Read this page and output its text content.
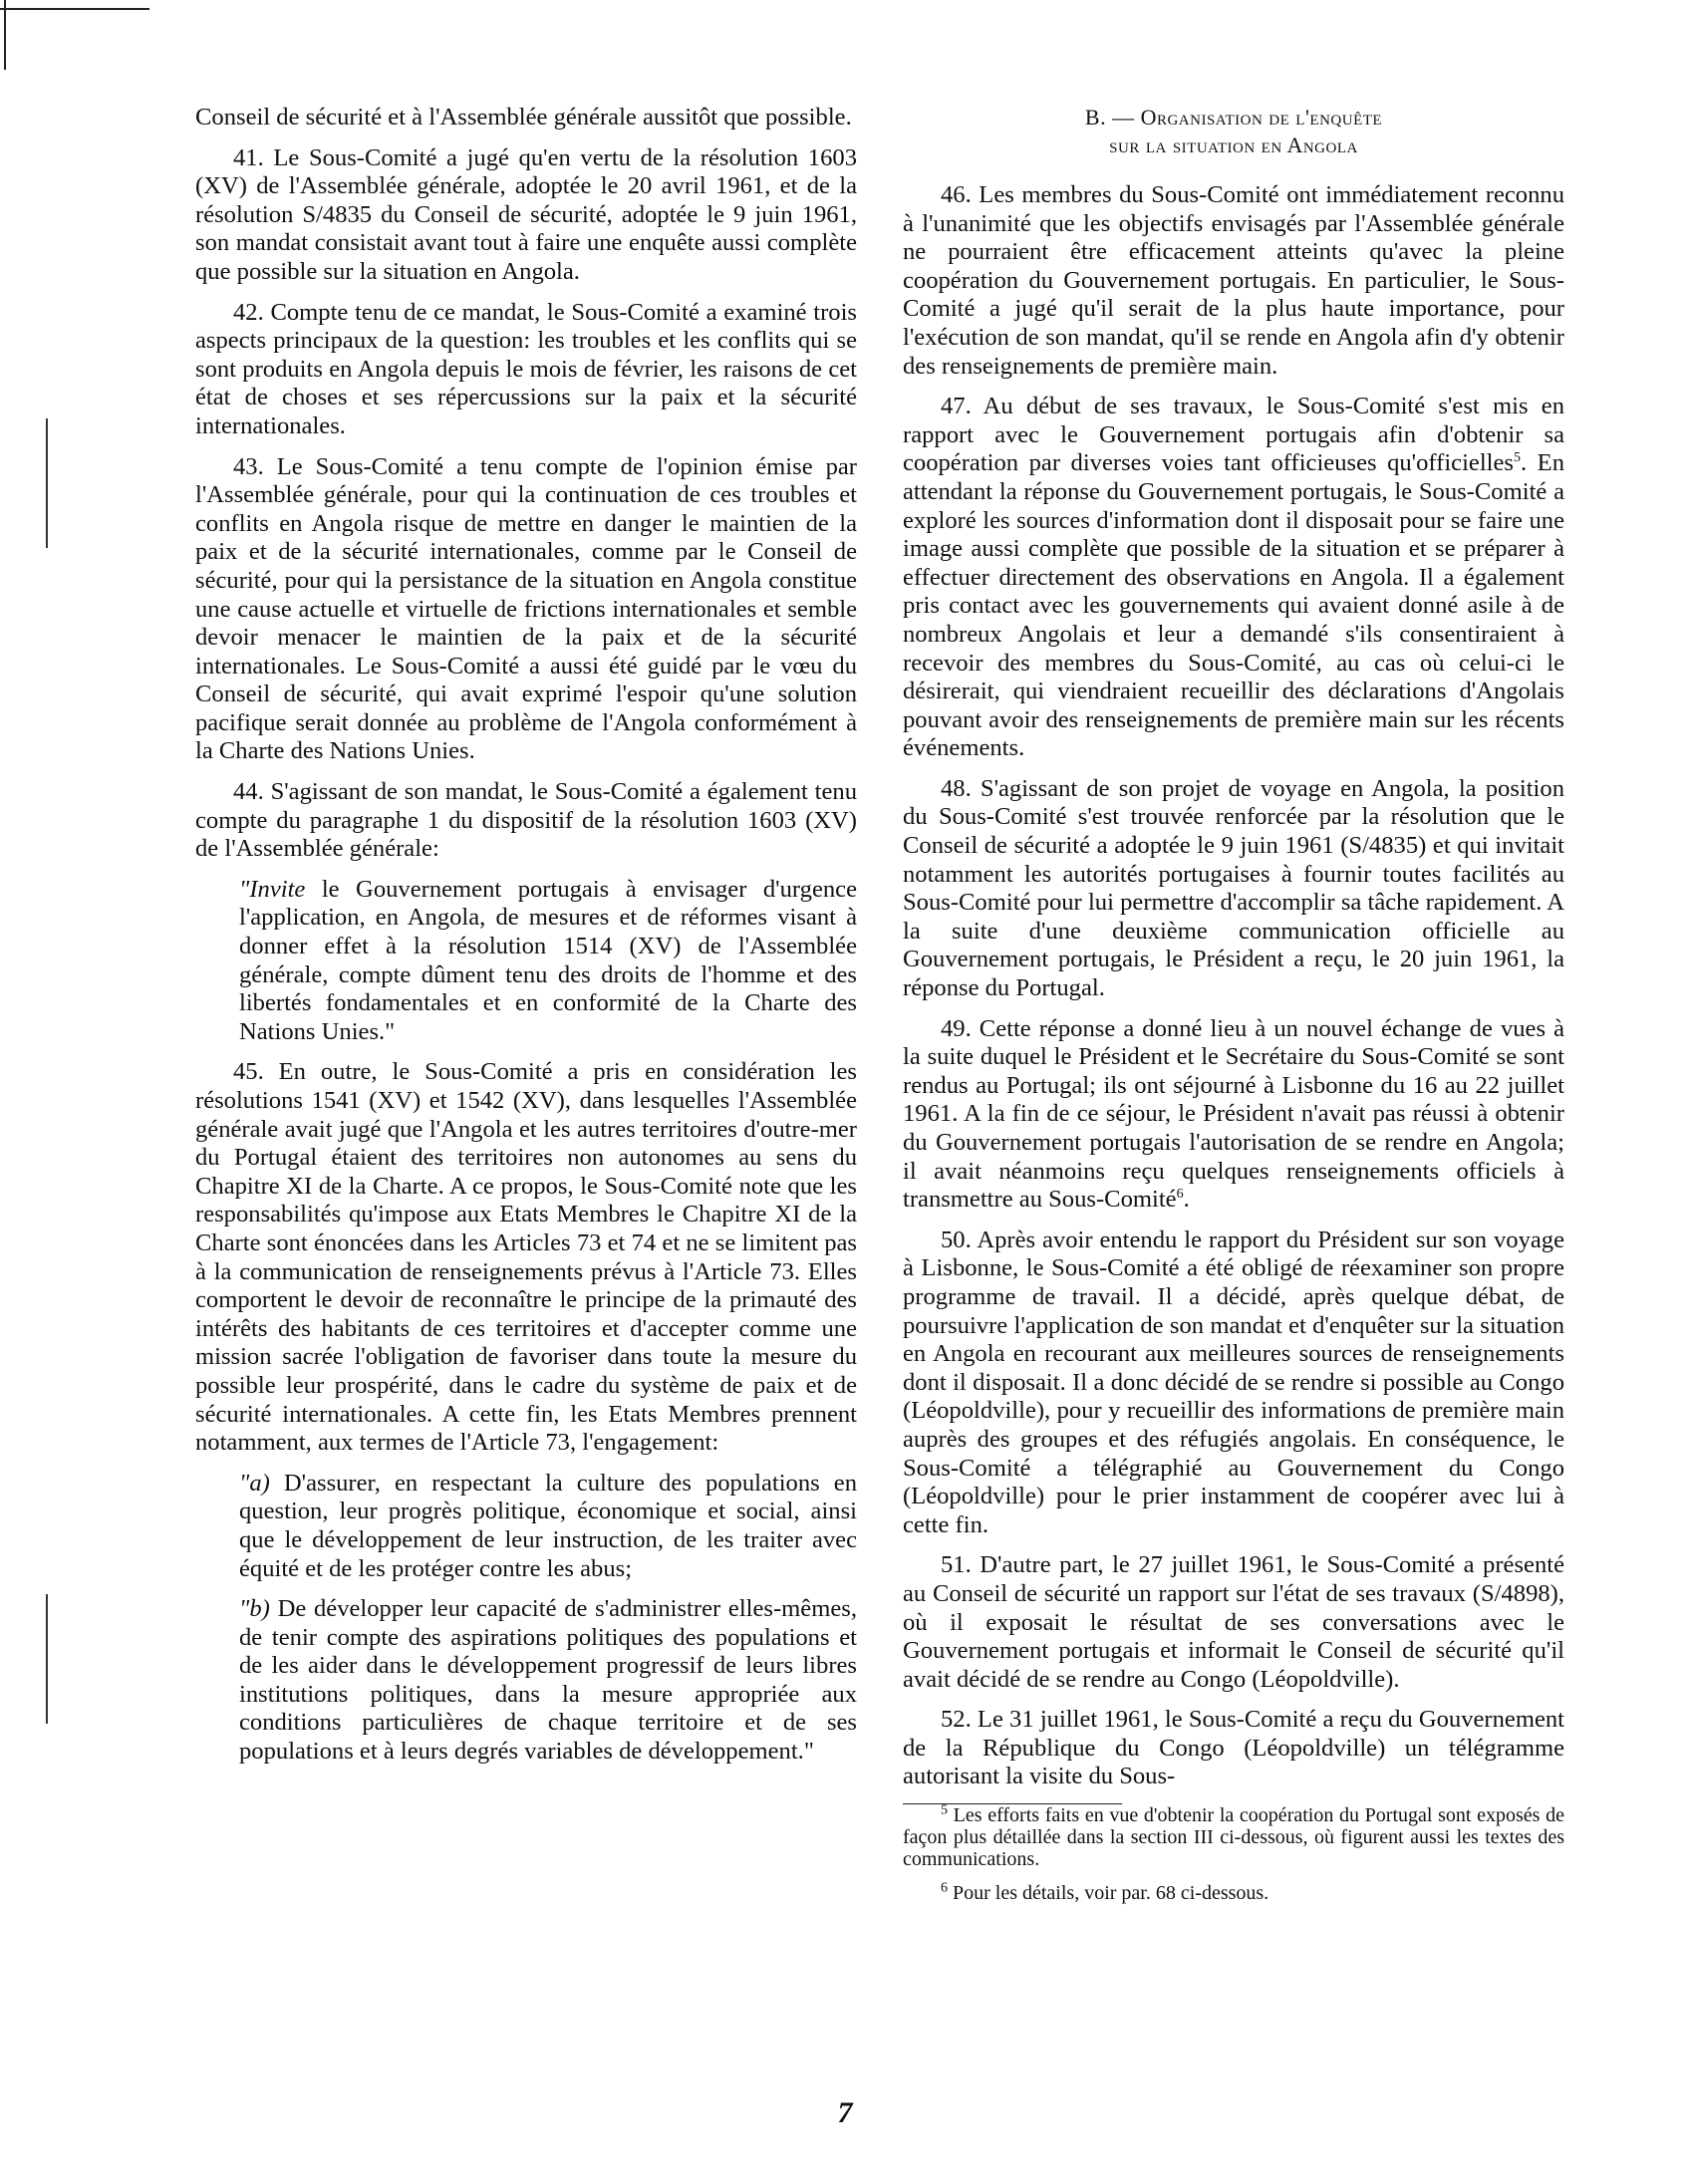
Conseil de sécurité et à l'Assemblée générale aussitôt que possible.

41. Le Sous-Comité a jugé qu'en vertu de la résolution 1603 (XV) de l'Assemblée générale, adoptée le 20 avril 1961, et de la résolution S/4835 du Conseil de sécurité, adoptée le 9 juin 1961, son mandat consistait avant tout à faire une enquête aussi complète que possible sur la situation en Angola.

42. Compte tenu de ce mandat, le Sous-Comité a examiné trois aspects principaux de la question: les troubles et les conflits qui se sont produits en Angola depuis le mois de février, les raisons de cet état de choses et ses répercussions sur la paix et la sécurité internationales.

43. Le Sous-Comité a tenu compte de l'opinion émise par l'Assemblée générale, pour qui la continuation de ces troubles et conflits en Angola risque de mettre en danger le maintien de la paix et de la sécurité internationales, comme par le Conseil de sécurité, pour qui la persistance de la situation en Angola constitue une cause actuelle et virtuelle de frictions internationales et semble devoir menacer le maintien de la paix et de la sécurité internationales. Le Sous-Comité a aussi été guidé par le vœu du Conseil de sécurité, qui avait exprimé l'espoir qu'une solution pacifique serait donnée au problème de l'Angola conformément à la Charte des Nations Unies.

44. S'agissant de son mandat, le Sous-Comité a également tenu compte du paragraphe 1 du dispositif de la résolution 1603 (XV) de l'Assemblée générale:

"Invite le Gouvernement portugais à envisager d'urgence l'application, en Angola, de mesures et de réformes visant à donner effet à la résolution 1514 (XV) de l'Assemblée générale, compte dûment tenu des droits de l'homme et des libertés fondamentales et en conformité de la Charte des Nations Unies."

45. En outre, le Sous-Comité a pris en considération les résolutions 1541 (XV) et 1542 (XV), dans lesquelles l'Assemblée générale avait jugé que l'Angola et les autres territoires d'outre-mer du Portugal étaient des territoires non autonomes au sens du Chapitre XI de la Charte. A ce propos, le Sous-Comité note que les responsabilités qu'impose aux Etats Membres le Chapitre XI de la Charte sont énoncées dans les Articles 73 et 74 et ne se limitent pas à la communication de renseignements prévus à l'Article 73. Elles comportent le devoir de reconnaître le principe de la primauté des intérêts des habitants de ces territoires et d'accepter comme une mission sacrée l'obligation de favoriser dans toute la mesure du possible leur prospérité, dans le cadre du système de paix et de sécurité internationales. A cette fin, les Etats Membres prennent notamment, aux termes de l'Article 73, l'engagement:

"a) D'assurer, en respectant la culture des populations en question, leur progrès politique, économique et social, ainsi que le développement de leur instruction, de les traiter avec équité et de les protéger contre les abus;

"b) De développer leur capacité de s'administrer elles-mêmes, de tenir compte des aspirations politiques des populations et de les aider dans le développement progressif de leurs libres institutions politiques, dans la mesure appropriée aux conditions particulières de chaque territoire et de ses populations et à leurs degrés variables de développement."

B. — Organisation de l'enquête
sur la situation en Angola

46. Les membres du Sous-Comité ont immédiatement reconnu à l'unanimité que les objectifs envisagés par l'Assemblée générale ne pourraient être efficacement atteints qu'avec la pleine coopération du Gouvernement portugais. En particulier, le Sous-Comité a jugé qu'il serait de la plus haute importance, pour l'exécution de son mandat, qu'il se rende en Angola afin d'y obtenir des renseignements de première main.

47. Au début de ses travaux, le Sous-Comité s'est mis en rapport avec le Gouvernement portugais afin d'obtenir sa coopération par diverses voies tant officieuses qu'officielles$^5$. En attendant la réponse du Gouvernement portugais, le Sous-Comité a exploré les sources d'information dont il disposait pour se faire une image aussi complète que possible de la situation et se préparer à effectuer directement des observations en Angola. Il a également pris contact avec les gouvernements qui avaient donné asile à de nombreux Angolais et leur a demandé s'ils consentiraient à recevoir des membres du Sous-Comité, au cas où celui-ci le désirerait, qui viendraient recueillir des déclarations d'Angolais pouvant avoir des renseignements de première main sur les récents événements.

48. S'agissant de son projet de voyage en Angola, la position du Sous-Comité s'est trouvée renforcée par la résolution que le Conseil de sécurité a adoptée le 9 juin 1961 (S/4835) et qui invitait notamment les autorités portugaises à fournir toutes facilités au Sous-Comité pour lui permettre d'accomplir sa tâche rapidement. A la suite d'une deuxième communication officielle au Gouvernement portugais, le Président a reçu, le 20 juin 1961, la réponse du Portugal.

49. Cette réponse a donné lieu à un nouvel échange de vues à la suite duquel le Président et le Secrétaire du Sous-Comité se sont rendus au Portugal; ils ont séjourné à Lisbonne du 16 au 22 juillet 1961. A la fin de ce séjour, le Président n'avait pas réussi à obtenir du Gouvernement portugais l'autorisation de se rendre en Angola; il avait néanmoins reçu quelques renseignements officiels à transmettre au Sous-Comité$^6$.

50. Après avoir entendu le rapport du Président sur son voyage à Lisbonne, le Sous-Comité a été obligé de réexaminer son propre programme de travail. Il a décidé, après quelque débat, de poursuivre l'application de son mandat et d'enquêter sur la situation en Angola en recourant aux meilleures sources de renseignements dont il disposait. Il a donc décidé de se rendre si possible au Congo (Léopoldville), pour y recueillir des informations de première main auprès des groupes et des réfugiés angolais. En conséquence, le Sous-Comité a télégraphié au Gouvernement du Congo (Léopoldville) pour le prier instamment de coopérer avec lui à cette fin.

51. D'autre part, le 27 juillet 1961, le Sous-Comité a présenté au Conseil de sécurité un rapport sur l'état de ses travaux (S/4898), où il exposait le résultat de ses conversations avec le Gouvernement portugais et informait le Conseil de sécurité qu'il avait décidé de se rendre au Congo (Léopoldville).

52. Le 31 juillet 1961, le Sous-Comité a reçu du Gouvernement de la République du Congo (Léopoldville) un télégramme autorisant la visite du Sous-

$^5$ Les efforts faits en vue d'obtenir la coopération du Portugal sont exposés de façon plus détaillée dans la section III ci-dessous, où figurent aussi les textes des communications.

$^6$ Pour les détails, voir par. 68 ci-dessous.

7
